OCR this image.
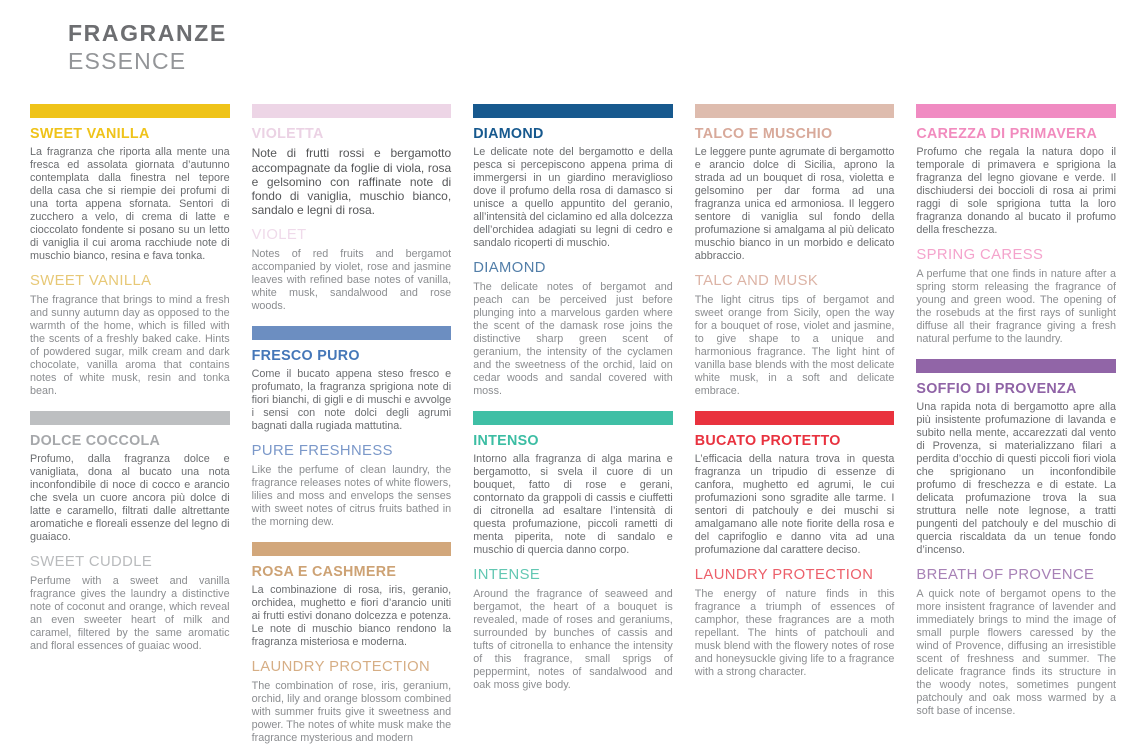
FRAGRANZE
ESSENCE
SWEET VANILLA

La fragranza che riporta alla mente una fresca ed assolata giornata d’autunno contemplata dalla finestra nel tepore della casa che si riempie dei profumi di una torta appena sfornata. Sentori di zucchero a velo, di crema di latte e cioccolato fondente si posano su un letto di vaniglia il cui aroma racchiude note di muschio bianco, resina e fava tonka.

SWEET VANILLA

The fragrance that brings to mind a fresh and sunny autumn day as opposed to the warmth of the home, which is filled with the scents of a freshly baked cake. Hints of powdered sugar, milk cream and dark chocolate, vanilla aroma that contains notes of white musk, resin and tonka bean.

DOLCE COCCOLA

Profumo, dalla fragranza dolce e vanigliata, dona al bucato una nota inconfondibile di noce di cocco e arancio che svela un cuore ancora più dolce di latte e caramello, filtrati dalle altrettante aromatiche e floreali essenze del legno di guaiaco.

SWEET CUDDLE

Perfume with a sweet and vanilla fragrance gives the laundry a distinctive note of coconut and orange, which reveal an even sweeter heart of milk and caramel, filtered by the same aromatic and floral essences of guaiac wood.

VIOLETTA

Note di frutti rossi e bergamotto accompagnate da foglie di viola, rosa e gelsomino con raffinate note di fondo di vaniglia, muschio bianco, sandalo e legni di rosa.

VIOLET

Notes of red fruits and bergamot accompanied by violet, rose and jasmine leaves with refined base notes of vanilla, white musk, sandalwood and rose woods.

FRESCO PURO

Come il bucato appena steso fresco e profumato, la fragranza sprigiona note di fiori bianchi, di gigli e di muschi e avvolge i sensi con note dolci degli agrumi bagnati dalla rugiada mattutina.

PURE FRESHNESS

Like the perfume of clean laundry, the fragrance releases notes of white flowers, lilies and moss and envelops the senses with sweet notes of citrus fruits bathed in the morning dew.

ROSA E CASHMERE

La combinazione di rosa, iris, geranio, orchidea, mughetto e fiori d’arancio uniti ai frutti estivi donano dolcezza e potenza. Le note di muschio bianco rendono la fragranza misteriosa e moderna.

LAUNDRY PROTECTION

The combination of rose, iris, geranium, orchid, lily and orange blossom combined with summer fruits give it sweetness and power. The notes of white musk make the fragrance mysterious and modern

DIAMOND

Le delicate note del bergamotto e della pesca si percepiscono appena prima di immergersi in un giardino meraviglioso dove il profumo della rosa di damasco si unisce a quello appuntito del geranio, all’intensità del ciclamino ed alla dolcezza dell’orchidea adagiati su legni di cedro e sandalo ricoperti di muschio.

DIAMOND

The delicate notes of bergamot and peach can be perceived just before plunging into a marvelous garden where the scent of the damask rose joins the distinctive sharp green scent of geranium, the intensity of the cyclamen and the sweetness of the orchid, laid on cedar woods and sandal covered with moss.

INTENSO

Intorno alla fragranza di alga marina e bergamotto, si svela il cuore di un bouquet, fatto di rose e gerani, contornato da grappoli di cassis e ciuffetti di citronella ad esaltare l’intensità di questa profumazione, piccoli rametti di menta piperita, note di sandalo e muschio di quercia danno corpo.

INTENSE

Around the fragrance of seaweed and bergamot, the heart of a bouquet is revealed, made of roses and geraniums, surrounded by bunches of cassis and tufts of citronella to enhance the intensity of this fragrance, small sprigs of peppermint, notes of sandalwood and oak moss give body.

TALCO E MUSCHIO

Le leggere punte agrumate di bergamotto e arancio dolce di Sicilia, aprono la strada ad un bouquet di rosa, violetta e gelsomino per dar forma ad una fragranza unica ed armoniosa. Il leggero sentore di vaniglia sul fondo della profumazione si amalgama al più delicato muschio bianco in un morbido e delicato abbraccio.

TALC AND MUSK

The light citrus tips of bergamot and sweet orange from Sicily, open the way for a bouquet of rose, violet and jasmine, to give shape to a unique and harmonious fragrance. The light hint of vanilla base blends with the most delicate white musk, in a soft and delicate embrace.

BUCATO PROTETTO

L’efficacia della natura trova in questa fragranza un tripudio di essenze di canfora, mughetto ed agrumi, le cui profumazioni sono sgradite alle tarme. I sentori di patchouly e dei muschi si amalgamano alle note fiorite della rosa e del caprifoglio e danno vita ad una profumazione dal carattere deciso.

LAUNDRY PROTECTION

The energy of nature finds in this fragrance a triumph of essences of camphor, these fragrances are a moth repellant. The hints of patchouli and musk blend with the flowery notes of rose and honeysuckle giving life to a fragrance with a strong character.

CAREZZA DI PRIMAVERA

Profumo che regala la natura dopo il temporale di primavera e sprigiona la fragranza del legno giovane e verde. Il dischiudersi dei boccioli di rosa ai primi raggi di sole sprigiona tutta la loro fragranza donando al bucato il profumo della freschezza.

SPRING CARESS

A perfume that one finds in nature after a spring storm releasing the fragrance of young and green wood. The opening of the rosebuds at the first rays of sunlight diffuse all their fragrance giving a fresh natural perfume to the laundry.

SOFFIO DI PROVENZA

Una rapida nota di bergamotto apre alla più insistente profumazione di lavanda e subito nella mente, accarezzati dal vento di Provenza, si materializzano filari a perdita d’occhio di questi piccoli fiori viola che sprigionano un inconfondibile profumo di freschezza e di estate. La delicata profumazione trova la sua struttura nelle note legnose, a tratti pungenti del patchouly e del muschio di quercia riscaldata da un tenue fondo d’incenso.

BREATH OF PROVENCE

A quick note of bergamot opens to the more insistent fragrance of lavender and immediately brings to mind the image of small purple flowers caressed by the wind of Provence, diffusing an irresistible scent of freshness and summer. The delicate fragrance finds its structure in the woody notes, sometimes pungent patchouly and oak moss warmed by a soft base of incense.
